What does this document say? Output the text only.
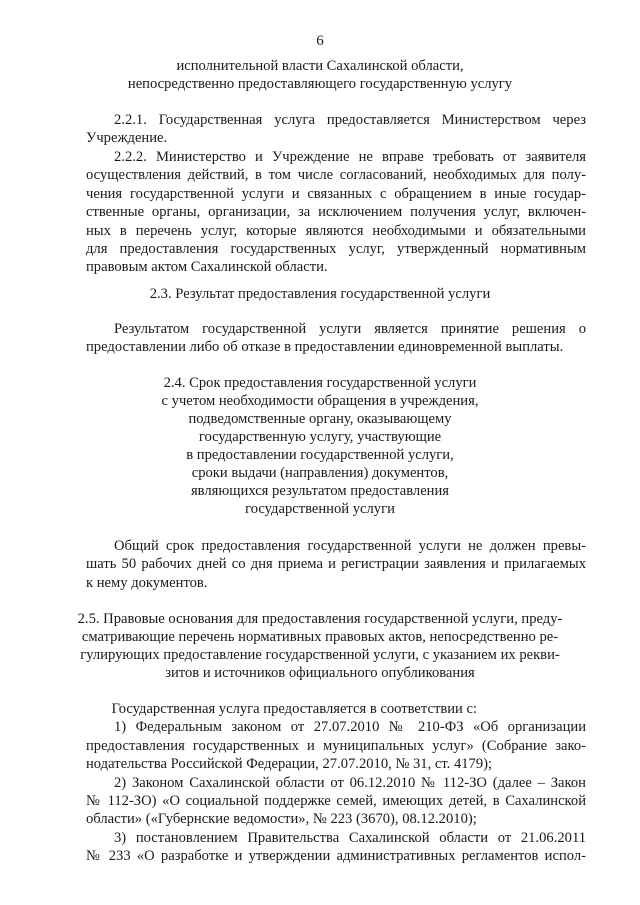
6
исполнительной власти Сахалинской области,
непосредственно предоставляющего государственную услугу
2.2.1. Государственная услуга предоставляется Министерством через
Учреждение.
2.2.2. Министерство и Учреждение не вправе требовать от заявителя
осуществления действий, в том числе согласований, необходимых для полу-
чения государственной услуги и связанных с обращением в иные государ-
ственные органы, организации, за исключением получения услуг, включен-
ных в перечень услуг, которые являются необходимыми и обязательными
для предоставления государственных услуг, утвержденный нормативным
правовым актом Сахалинской области.
2.3. Результат предоставления государственной услуги
Результатом государственной услуги является принятие решения о
предоставлении либо об отказе в предоставлении единовременной выплаты.
2.4. Срок предоставления государственной услуги
с учетом необходимости обращения в учреждения,
подведомственные органу, оказывающему
государственную услугу, участвующие
в предоставлении государственной услуги,
сроки выдачи (направления) документов,
являющихся результатом предоставления
государственной услуги
Общий срок предоставления государственной услуги не должен превы-
шать 50 рабочих дней со дня приема и регистрации заявления и прилагаемых
к нему документов.
2.5. Правовые основания для предоставления государственной услуги, преду-
сматривающие перечень нормативных правовых актов, непосредственно ре-
гулирующих предоставление государственной услуги, с указанием их рекви-
зитов и источников официального опубликования
Государственная услуга предоставляется в соответствии с:
1) Федеральным законом от 27.07.2010 № 210-ФЗ «Об организации
предоставления государственных и муниципальных услуг» (Собрание зако-
нодательства Российской Федерации, 27.07.2010, № 31, ст. 4179);
2) Законом Сахалинской области от 06.12.2010 № 112-ЗО (далее – Закон
№ 112-ЗО) «О социальной поддержке семей, имеющих детей, в Сахалинской
области» («Губернские ведомости», № 223 (3670), 08.12.2010);
3) постановлением Правительства Сахалинской области от 21.06.2011
№ 233 «О разработке и утверждении административных регламентов испол-
